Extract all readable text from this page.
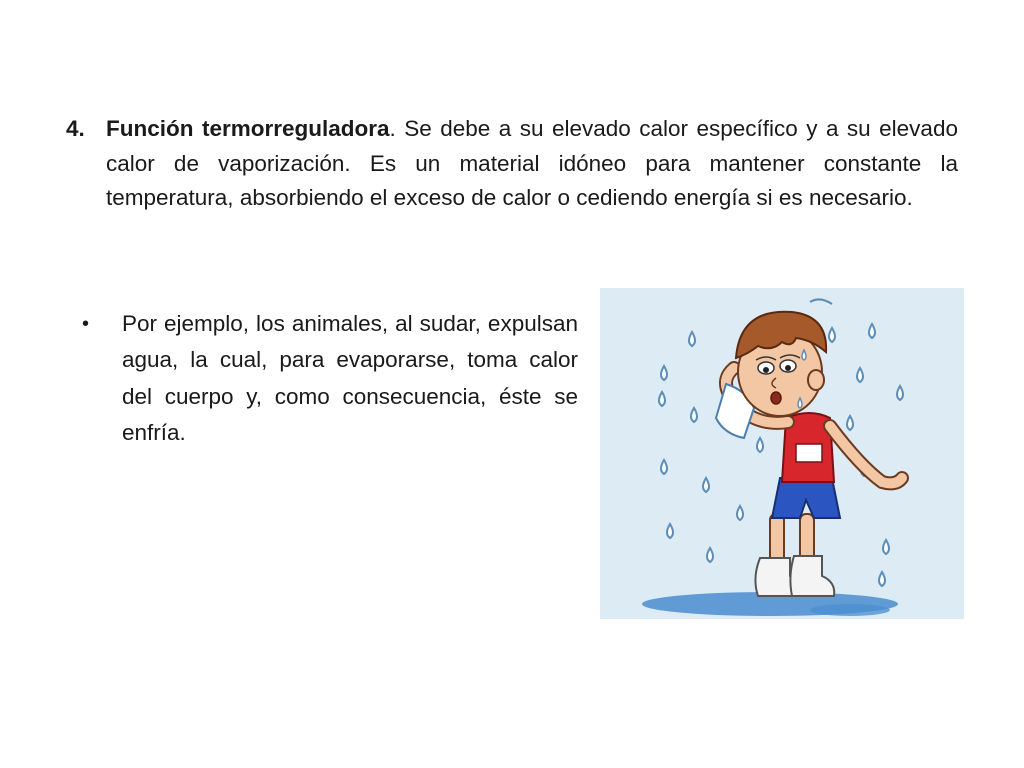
4. Función termorreguladora. Se debe a su elevado calor específico y a su elevado calor de vaporización. Es un material idóneo para mantener constante la temperatura, absorbiendo el exceso de calor o cediendo energía si es necesario.
• Por ejemplo, los animales, al sudar, expulsan agua, la cual, para evaporarse, toma calor del cuerpo y, como consecuencia, éste se enfría.
